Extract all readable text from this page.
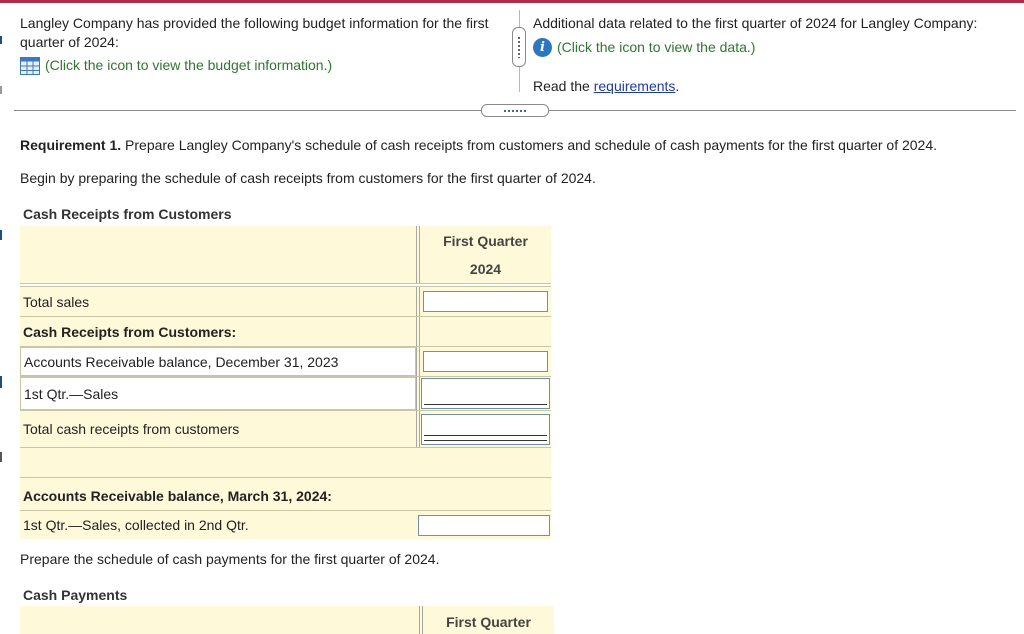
Langley Company has provided the following budget information for the first quarter of 2024:
(Click the icon to view the budget information.)
Additional data related to the first quarter of 2024 for Langley Company:
i (Click the icon to view the data.)
Read the requirements.
Requirement 1. Prepare Langley Company's schedule of cash receipts from customers and schedule of cash payments for the first quarter of 2024.
Begin by preparing the schedule of cash receipts from customers for the first quarter of 2024.
Cash Receipts from Customers
First Quarter
2024
Total sales
Cash Receipts from Customers:
Accounts Receivable balance, December 31, 2023
1st Qtr.—Sales
Total cash receipts from customers
Accounts Receivable balance, March 31, 2024:
1st Qtr.—Sales, collected in 2nd Qtr.
Prepare the schedule of cash payments for the first quarter of 2024.
Cash Payments
First Quarter
